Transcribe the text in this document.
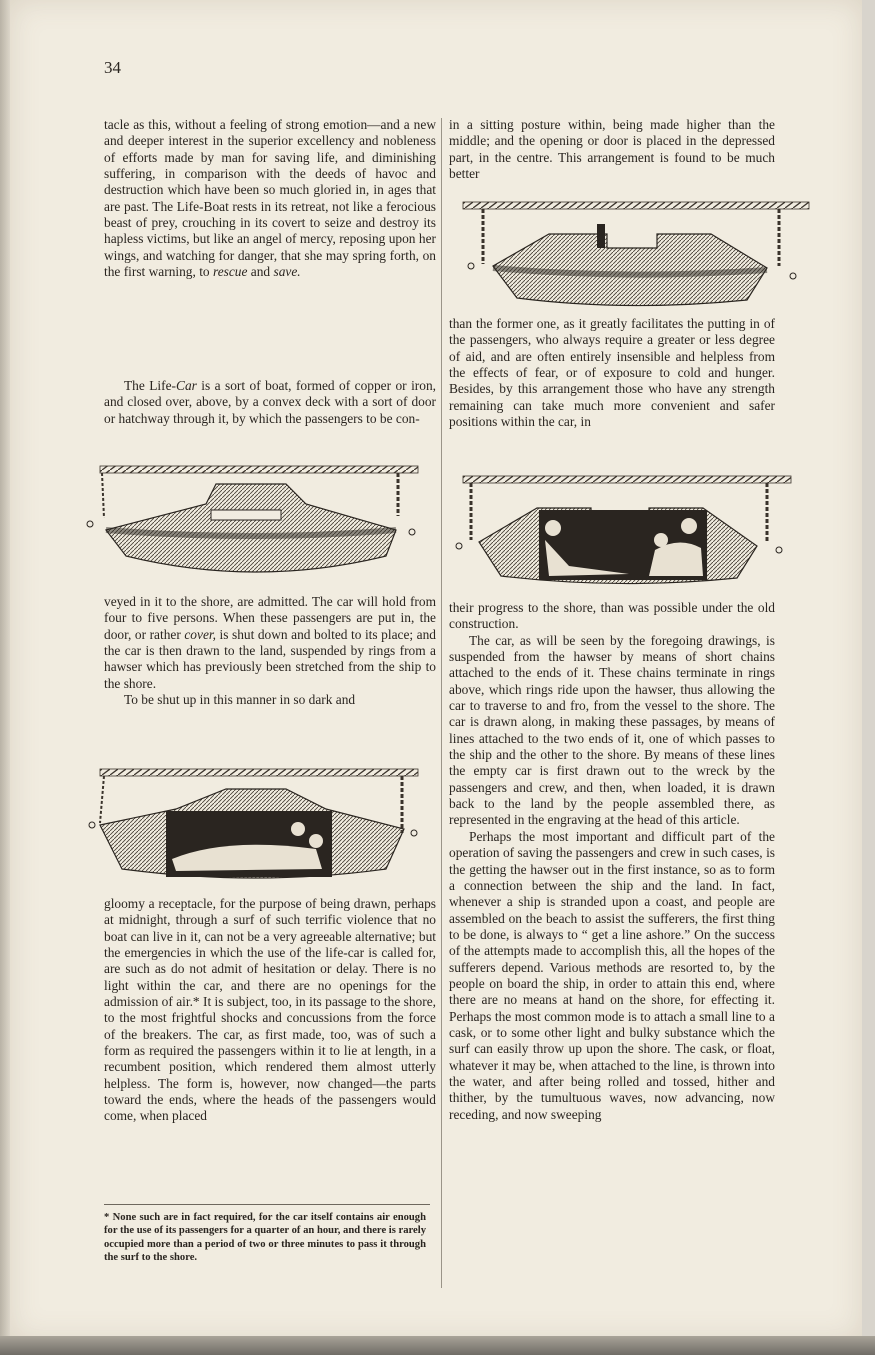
34

tacle as this, without a feeling of strong emotion—and a new and deeper interest in the superior excellency and nobleness of efforts made by man for saving life, and diminishing suffering, in comparison with the deeds of havoc and destruction which have been so much gloried in, in ages that are past. The Life-Boat rests in its retreat, not like a ferocious beast of prey, crouching in its covert to seize and destroy its hapless victims, but like an angel of mercy, reposing upon her wings, and watching for danger, that she may spring forth, on the first warning, to rescue and save.

The Life-Car is a sort of boat, formed of copper or iron, and closed over, above, by a convex deck with a sort of door or hatchway through it, by which the passengers to be con-

veyed in it to the shore, are admitted. The car will hold from four to five persons. When these passengers are put in, the door, or rather cover, is shut down and bolted to its place; and the car is then drawn to the land, suspended by rings from a hawser which has previously been stretched from the ship to the shore.

To be shut up in this manner in so dark and

gloomy a receptacle, for the purpose of being drawn, perhaps at midnight, through a surf of such terrific violence that no boat can live in it, can not be a very agreeable alternative; but the emergencies in which the use of the life-car is called for, are such as do not admit of hesitation or delay. There is no light within the car, and there are no openings for the admission of air.* It is subject, too, in its passage to the shore, to the most frightful shocks and concussions from the force of the breakers. The car, as first made, too, was of such a form as required the passengers within it to lie at length, in a recumbent position, which rendered them almost utterly helpless. The form is, however, now changed—the parts toward the ends, where the heads of the passengers would come, when placed

* None such are in fact required, for the car itself contains air enough for the use of its passengers for a quarter of an hour, and there is rarely occupied more than a period of two or three minutes to pass it through the surf to the shore.

in a sitting posture within, being made higher than the middle; and the opening or door is placed in the depressed part, in the centre. This arrangement is found to be much better

than the former one, as it greatly facilitates the putting in of the passengers, who always require a greater or less degree of aid, and are often entirely insensible and helpless from the effects of fear, or of exposure to cold and hunger. Besides, by this arrangement those who have any strength remaining can take much more convenient and safer positions within the car, in

their progress to the shore, than was possible under the old construction.

The car, as will be seen by the foregoing drawings, is suspended from the hawser by means of short chains attached to the ends of it. These chains terminate in rings above, which rings ride upon the hawser, thus allowing the car to traverse to and fro, from the vessel to the shore. The car is drawn along, in making these passages, by means of lines attached to the two ends of it, one of which passes to the ship and the other to the shore. By means of these lines the empty car is first drawn out to the wreck by the passengers and crew, and then, when loaded, it is drawn back to the land by the people assembled there, as represented in the engraving at the head of this article.

Perhaps the most important and difficult part of the operation of saving the passengers and crew in such cases, is the getting the hawser out in the first instance, so as to form a connection between the ship and the land. In fact, whenever a ship is stranded upon a coast, and people are assembled on the beach to assist the sufferers, the first thing to be done, is always to “ get a line ashore.” On the success of the attempts made to accomplish this, all the hopes of the sufferers depend. Various methods are resorted to, by the people on board the ship, in order to attain this end, where there are no means at hand on the shore, for effecting it. Perhaps the most common mode is to attach a small line to a cask, or to some other light and bulky substance which the surf can easily throw up upon the shore. The cask, or float, whatever it may be, when attached to the line, is thrown into the water, and after being rolled and tossed, hither and thither, by the tumultuous waves, now advancing, now receding, and now sweeping
